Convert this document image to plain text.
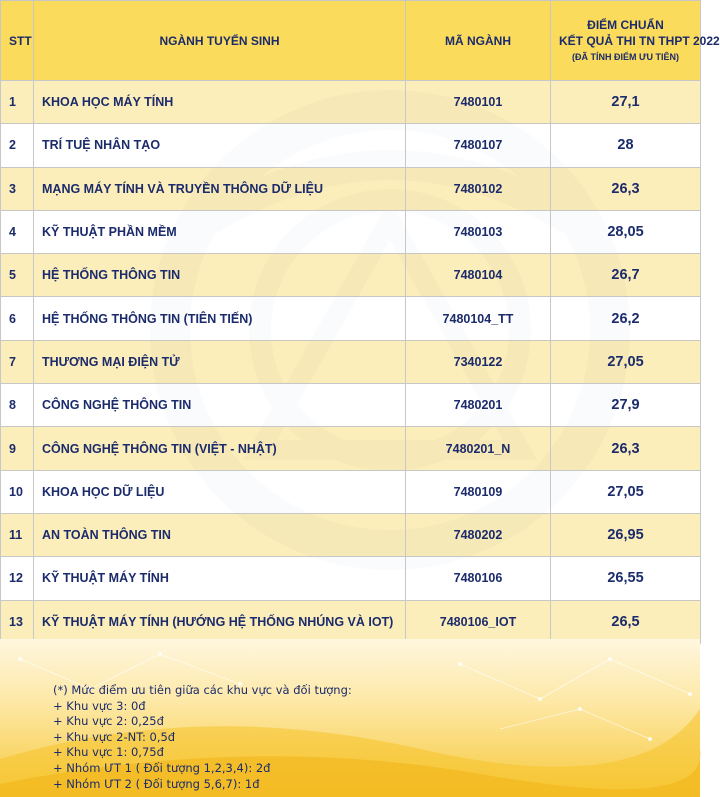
STT	NGÀNH TUYỂN SINH	MÃ NGÀNH	ĐIỂM CHUẨN
KẾT QUẢ THI TN THPT 2022
(ĐÃ TÍNH ĐIỂM ƯU TIÊN)

1	KHOA HỌC MÁY TÍNH	7480101	27,1
2	TRÍ TUỆ NHÂN TẠO	7480107	28
3	MẠNG MÁY TÍNH VÀ TRUYỀN THÔNG DỮ LIỆU	7480102	26,3
4	KỸ THUẬT PHẦN MỀM	7480103	28,05
5	HỆ THỐNG THÔNG TIN	7480104	26,7
6	HỆ THỐNG THÔNG TIN (TIÊN TIẾN)	7480104_TT	26,2
7	THƯƠNG MẠI ĐIỆN TỬ	7340122	27,05
8	CÔNG NGHỆ THÔNG TIN	7480201	27,9
9	CÔNG NGHỆ THÔNG TIN (VIỆT - NHẬT)	7480201_N	26,3
10	KHOA HỌC DỮ LIỆU	7480109	27,05
11	AN TOÀN THÔNG TIN	7480202	26,95
12	KỸ THUẬT MÁY TÍNH	7480106	26,55
13	KỸ THUẬT MÁY TÍNH (HƯỚNG HỆ THỐNG NHÚNG VÀ IOT)	7480106_IOT	26,5
(*) Mức điểm ưu tiên giữa các khu vực và đối tượng:
+ Khu vực 3: 0đ
+ Khu vực 2: 0,25đ
+ Khu vực 2-NT: 0,5đ
+ Khu vực 1: 0,75đ
+ Nhóm ƯT 1 ( Đối tượng 1,2,3,4): 2đ
+ Nhóm ƯT 2 ( Đối tượng 5,6,7): 1đ
